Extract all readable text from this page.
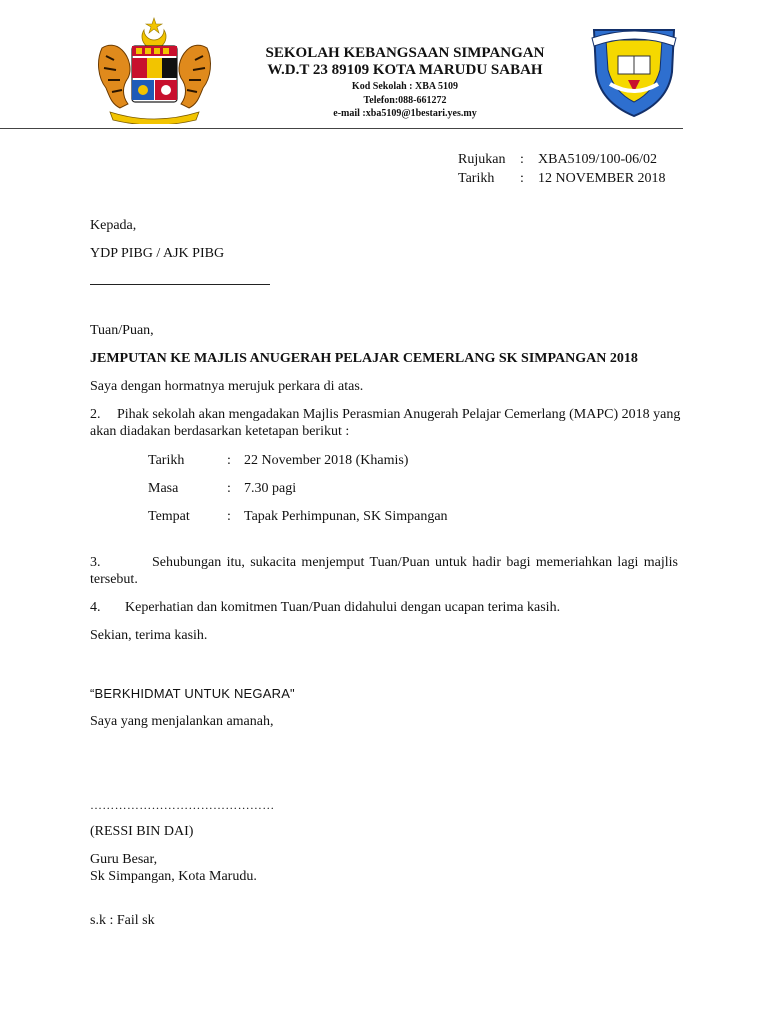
SEKOLAH KEBANGSAAN SIMPANGAN
W.D.T 23 89109 KOTA MARUDU SABAH
Kod Sekolah : XBA 5109
Telefon:088-661272
e-mail :xba5109@1bestari.yes.my
Rujukan : XBA5109/100-06/02
Tarikh : 12 NOVEMBER 2018
Kepada,
YDP PIBG / AJK PIBG
Tuan/Puan,
JEMPUTAN KE MAJLIS ANUGERAH PELAJAR CEMERLANG SK SIMPANGAN 2018
Saya dengan hormatnya merujuk perkara di atas.
2. Pihak sekolah akan mengadakan Majlis Perasmian Anugerah Pelajar Cemerlang (MAPC) 2018 yang
akan diadakan berdasarkan ketetapan berikut :
Tarikh	: 22 November 2018 (Khamis)
Masa	: 7.30 pagi
Tempat	: Tapak Perhimpunan, SK Simpangan
3.	Sehubungan itu, sukacita menjemput Tuan/Puan untuk hadir bagi memeriahkan lagi majlis
tersebut.
4. Keperhatian dan komitmen Tuan/Puan didahului dengan ucapan terima kasih.
Sekian, terima kasih.
“BERKHIDMAT UNTUK NEGARA"
Saya yang menjalankan amanah,
………………………………………
(RESSI BIN DAI)
Guru Besar,
Sk Simpangan, Kota Marudu.
s.k : Fail sk
